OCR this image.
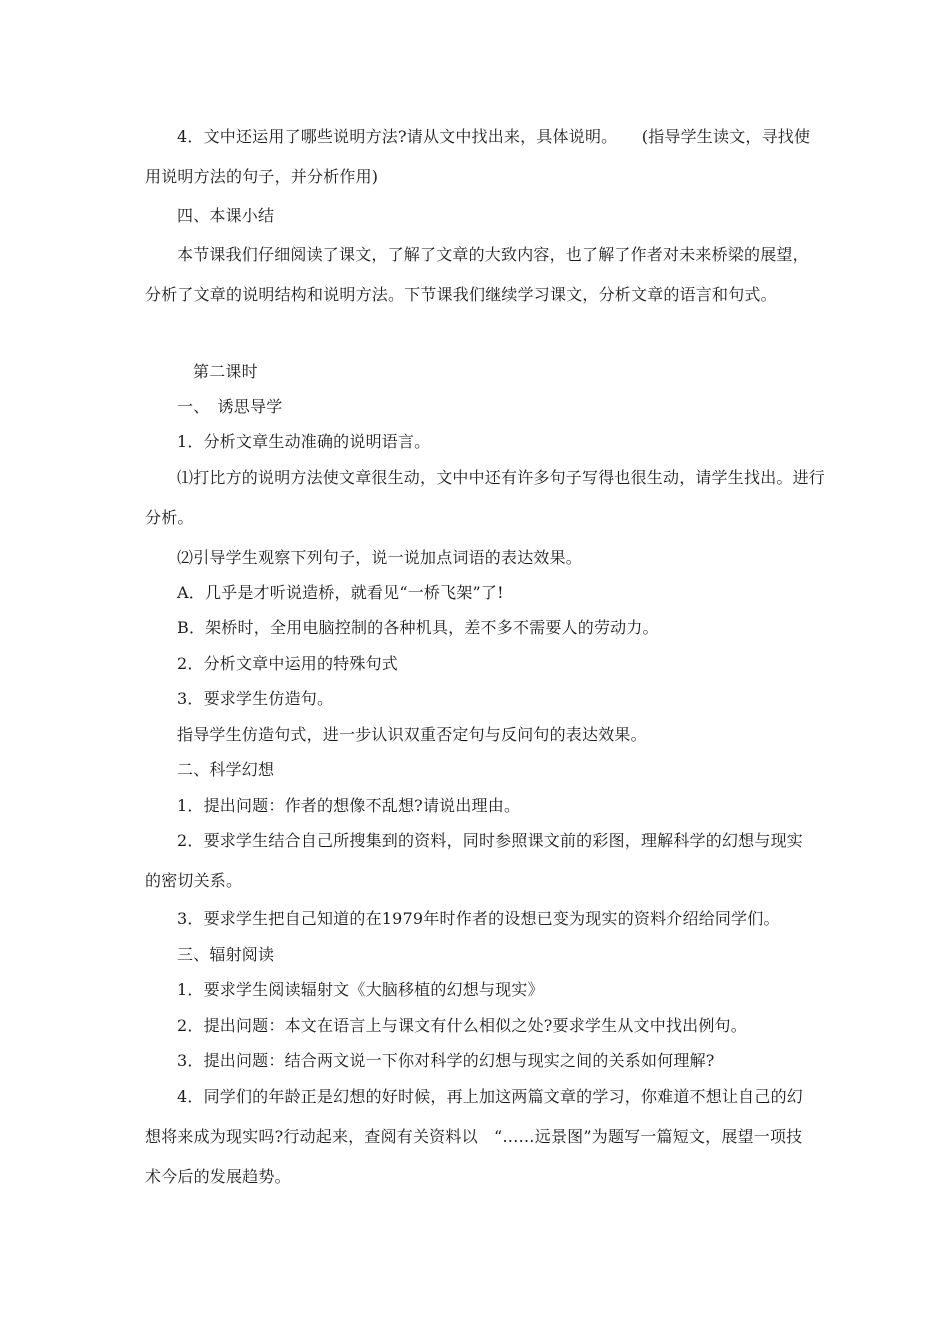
4．文中还运用了哪些说明方法?请从文中找出来，具体说明。　　(指导学生读文，寻找使用说明方法的句子，并分析作用)

四、本课小结

本节课我们仔细阅读了课文，了解了文章的大致内容，也了解了作者对未来桥梁的展望，分析了文章的说明结构和说明方法。下节课我们继续学习课文，分析文章的语言和句式。

第二课时

一、　诱思导学

1．分析文章生动准确的说明语言。

⑴打比方的说明方法使文章很生动，文中中还有许多句子写得也很生动，请学生找出。进行分析。

⑵引导学生观察下列句子，说一说加点词语的表达效果。

A．几乎是才听说造桥，就看见“一桥飞架”了!

B．架桥时，全用电脑控制的各种机具，差不多不需要人的劳动力。

2．分析文章中运用的特殊句式

3．要求学生仿造句。

指导学生仿造句式，进一步认识双重否定句与反问句的表达效果。

二、科学幻想

1．提出问题：作者的想像不乱想?请说出理由。

2．要求学生结合自己所搜集到的资料，同时参照课文前的彩图，理解科学的幻想与现实的密切关系。

3．要求学生把自己知道的在1979年时作者的设想已变为现实的资料介绍给同学们。

三、辐射阅读

1．要求学生阅读辐射文《大脑移植的幻想与现实》

2．提出问题：本文在语言上与课文有什么相似之处?要求学生从文中找出例句。

3．提出问题：结合两文说一下你对科学的幻想与现实之间的关系如何理解?

4．同学们的年龄正是幻想的好时候，再上加这两篇文章的学习，你难道不想让自己的幻想将来成为现实吗?行动起来，查阅有关资料以　“……远景图”为题写一篇短文，展望一项技术今后的发展趋势。
